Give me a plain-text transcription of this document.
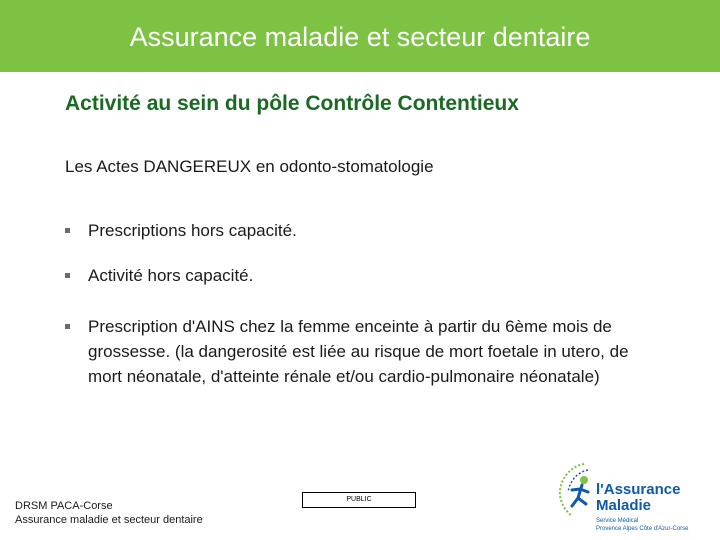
Assurance maladie et secteur dentaire
Activité au sein du pôle Contrôle Contentieux
Les Actes DANGEREUX en odonto-stomatologie
Prescriptions hors capacité.
Activité hors capacité.
Prescription d'AINS chez la femme enceinte à partir du 6ème mois de grossesse. (la dangerosité est liée au risque de mort foetale in utero, de mort néonatale, d'atteinte rénale et/ou cardio-pulmonaire néonatale)
DRSM PACA-Corse
Assurance maladie et secteur dentaire
PUBLIC
l'Assurance
Maladie
Service Médical
Provence Alpes Côte d'Azur-Corse
